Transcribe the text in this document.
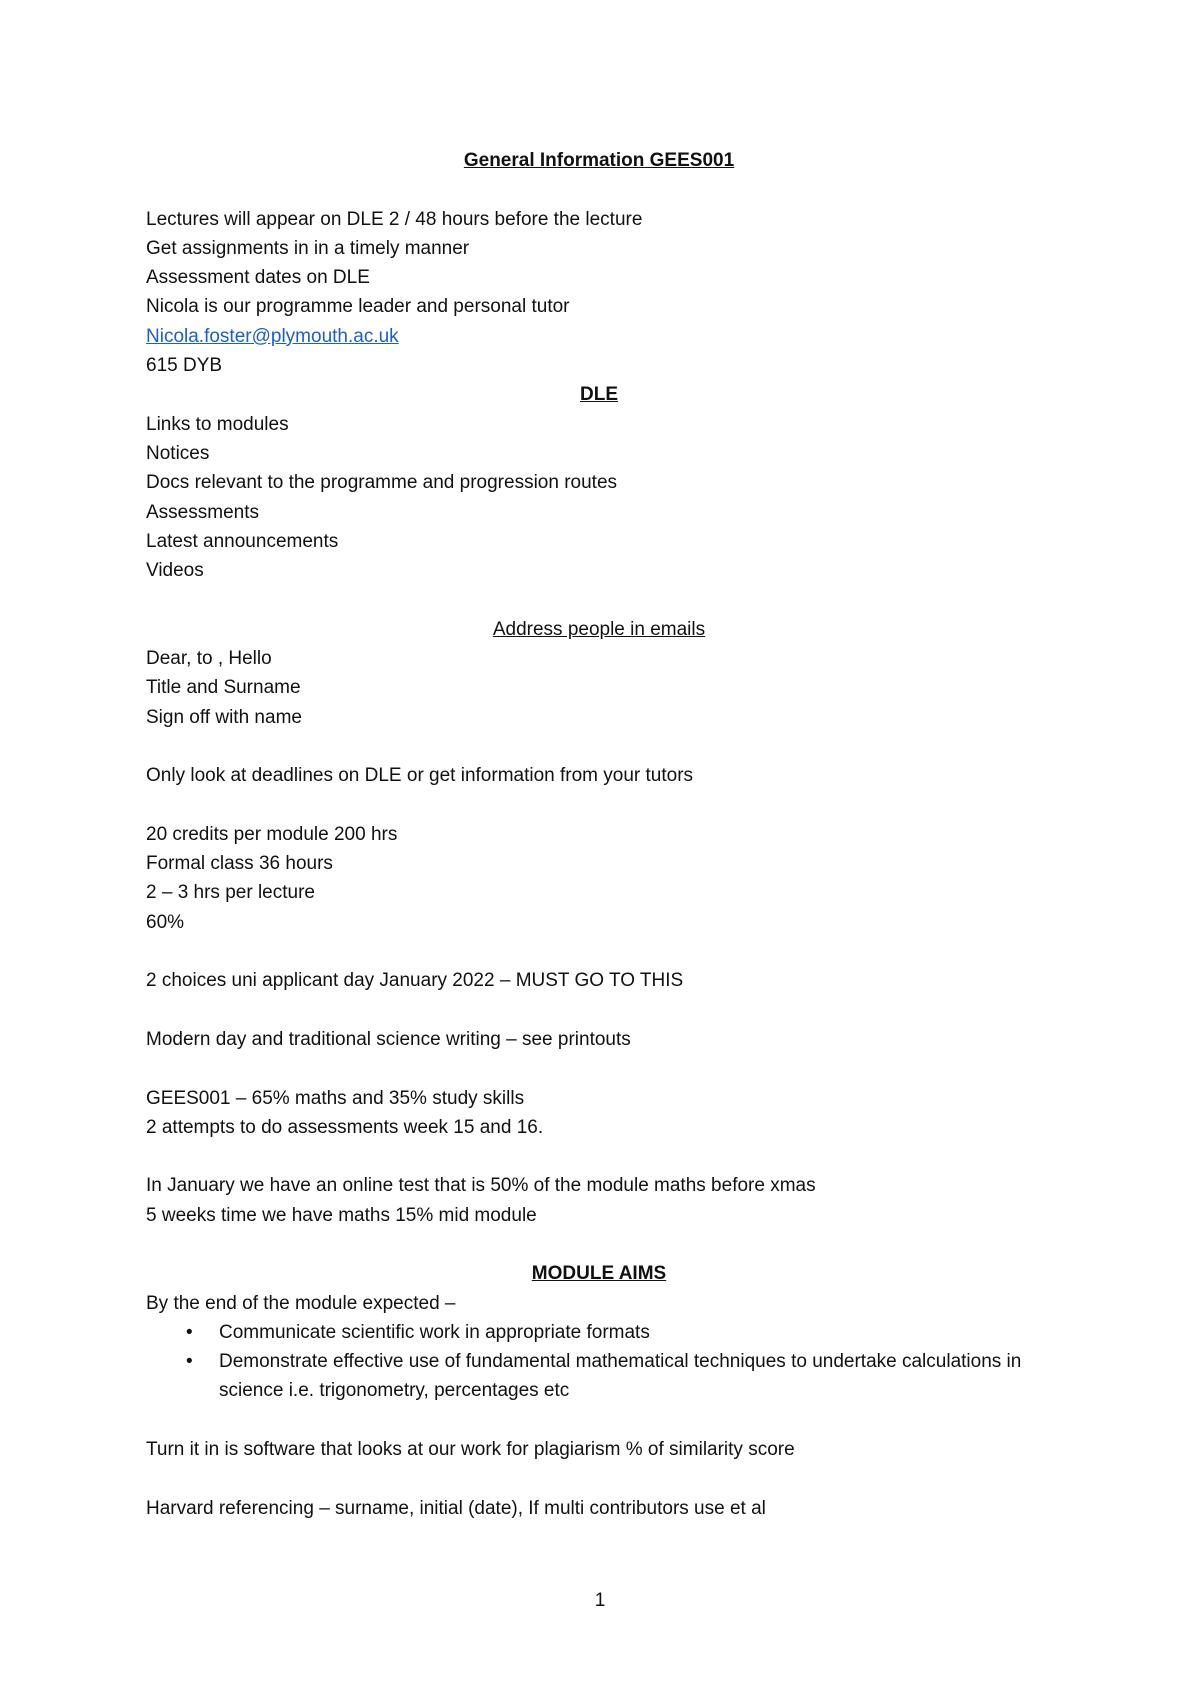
General Information GEES001
Lectures will appear on DLE 2 / 48 hours before the lecture
Get assignments in in a timely manner
Assessment dates on DLE
Nicola is our programme leader and personal tutor
Nicola.foster@plymouth.ac.uk
615 DYB
DLE
Links to modules
Notices
Docs relevant to the programme and progression routes
Assessments
Latest announcements
Videos
Address people in emails
Dear, to , Hello
Title and Surname
Sign off with name
Only look at deadlines on DLE or get information from your tutors
20 credits per module 200 hrs
Formal class 36 hours
2 – 3 hrs per lecture
60%
2 choices uni applicant day January 2022 – MUST GO TO THIS
Modern day and traditional science writing – see printouts
GEES001 – 65% maths and 35% study skills
2 attempts to do assessments week 15 and 16.
In January we have an online test that is 50% of the module maths before xmas
5 weeks time we have maths 15% mid module
MODULE AIMS
By the end of the module expected –
• Communicate scientific work in appropriate formats
• Demonstrate effective use of fundamental mathematical techniques to undertake calculations in science i.e. trigonometry, percentages etc
Turn it in is software that looks at our work for plagiarism % of similarity score
Harvard referencing – surname, initial (date), If multi contributors use et al
1
